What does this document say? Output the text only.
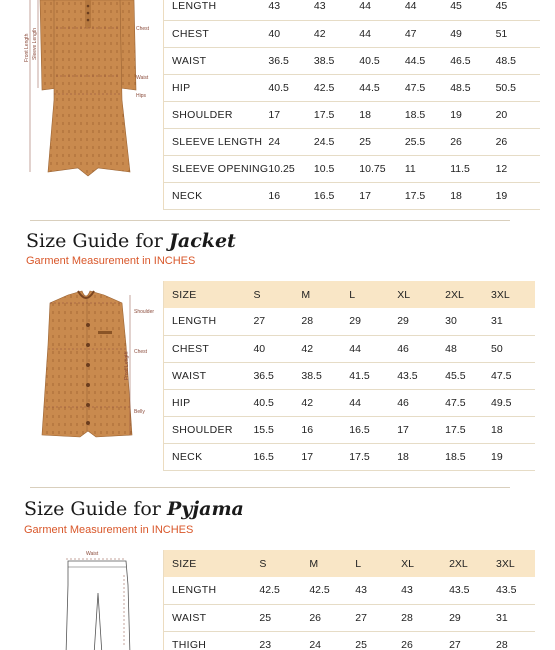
Chest
Waist
Hips
Front Length Sleeve Length
LENGTH	43	43	44	44	45	45
CHEST	40	42	44	47	49	51
WAIST	36.5	38.5	40.5	44.5	46.5	48.5
HIP	40.5	42.5	44.5	47.5	48.5	50.5
SHOULDER	17	17.5	18	18.5	19	20
SLEEVE LENGTH	24	24.5	25	25.5	26	26
SLEEVE OPENING	10.25	10.5	10.75	11	11.5	12
NECK	16	16.5	17	17.5	18	19
Size Guide for Jacket
Garment Measurement in INCHES
Shoulder
Chest
Belly
Front Length
SIZE	S	M	L	XL	2XL	3XL
LENGTH	27	28	29	29	30	31
CHEST	40	42	44	46	48	50
WAIST	36.5	38.5	41.5	43.5	45.5	47.5
HIP	40.5	42	44	46	47.5	49.5
SHOULDER	15.5	16	16.5	17	17.5	18
NECK	16.5	17	17.5	18	18.5	19
Size Guide for Pyjama
Garment Measurement in INCHES
Waist
SIZE	S	M	L	XL	2XL	3XL
LENGTH	42.5	42.5	43	43	43.5	43.5
WAIST	25	26	27	28	29	31
THIGH	23	24	25	26	27	28
